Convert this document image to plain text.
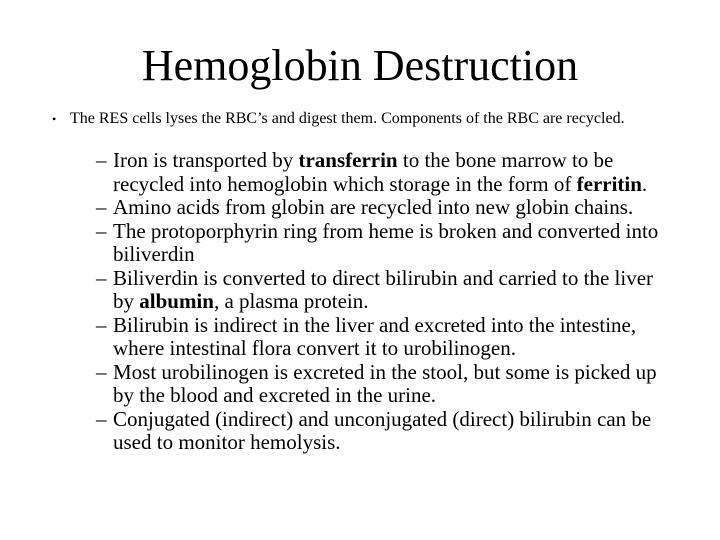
Hemoglobin Destruction
• The RES cells lyses the RBC’s and digest them. Components of the RBC are recycled.
– Iron is transported by transferrin to the bone marrow to be recycled into hemoglobin which storage in the form of ferritin.
– Amino acids from globin are recycled into new globin chains.
– The protoporphyrin ring from heme is broken and converted into biliverdin
– Biliverdin is converted to direct bilirubin and carried to the liver by albumin, a plasma protein.
– Bilirubin is indirect in the liver and excreted into the intestine, where intestinal flora convert it to urobilinogen.
– Most urobilinogen is excreted in the stool, but some is picked up by the blood and excreted in the urine.
– Conjugated (indirect) and unconjugated (direct) bilirubin can be used to monitor hemolysis.
